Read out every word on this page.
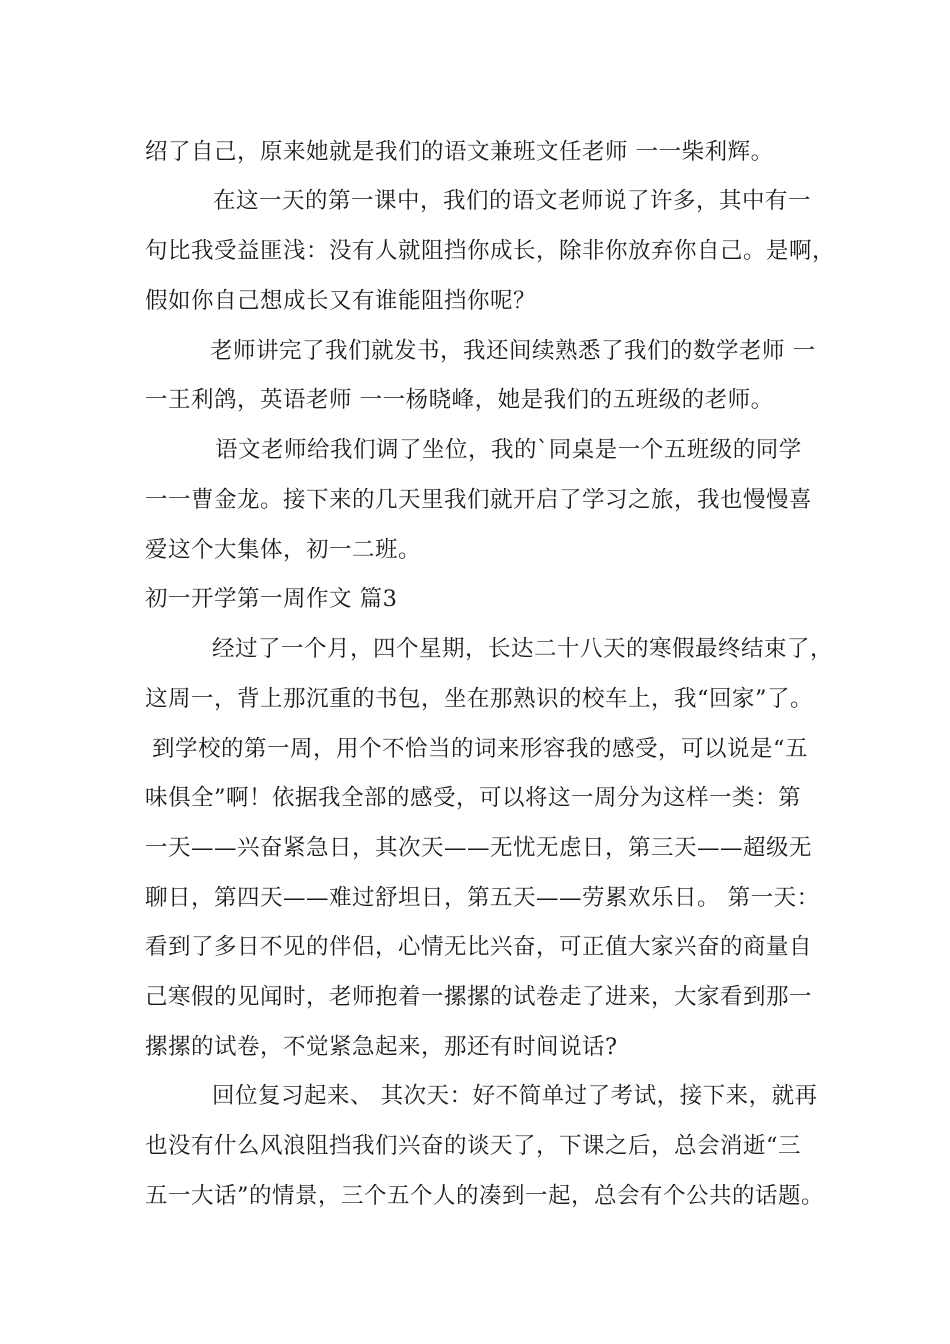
绍了自己，原来她就是我们的语文兼班文任老师 一一柴利辉。
在这一天的第一课中，我们的语文老师说了许多，其中有一
句比我受益匪浅：没有人就阻挡你成长，除非你放弃你自己。是啊，
假如你自己想成长又有谁能阻挡你呢？
老师讲完了我们就发书，我还间续熟悉了我们的数学老师 一
一王利鸽，英语老师 一一杨晓峰，她是我们的五班级的老师。
语文老师给我们调了坐位，我的`同桌是一个五班级的同学
一一曹金龙。接下来的几天里我们就开启了学习之旅，我也慢慢喜
爱这个大集体，初一二班。
初一开学第一周作文 篇3
经过了一个月，四个星期，长达二十八天的寒假最终结束了，
这周一，背上那沉重的书包，坐在那熟识的校车上，我“回家”了。
到学校的第一周，用个不恰当的词来形容我的感受，可以说是“五
味俱全”啊！依据我全部的感受，可以将这一周分为这样一类：第
一天——兴奋紧急日，其次天——无忧无虑日，第三天——超级无
聊日，第四天——难过舒坦日，第五天——劳累欢乐日。 第一天：
看到了多日不见的伴侣，心情无比兴奋，可正值大家兴奋的商量自
己寒假的见闻时，老师抱着一摞摞的试卷走了进来，大家看到那一
摞摞的试卷，不觉紧急起来，那还有时间说话?
回位复习起来、 其次天：好不简单过了考试，接下来，就再
也没有什么风浪阻挡我们兴奋的谈天了，下课之后，总会消逝“三
五一大话”的情景，三个五个人的凑到一起，总会有个公共的话题。
